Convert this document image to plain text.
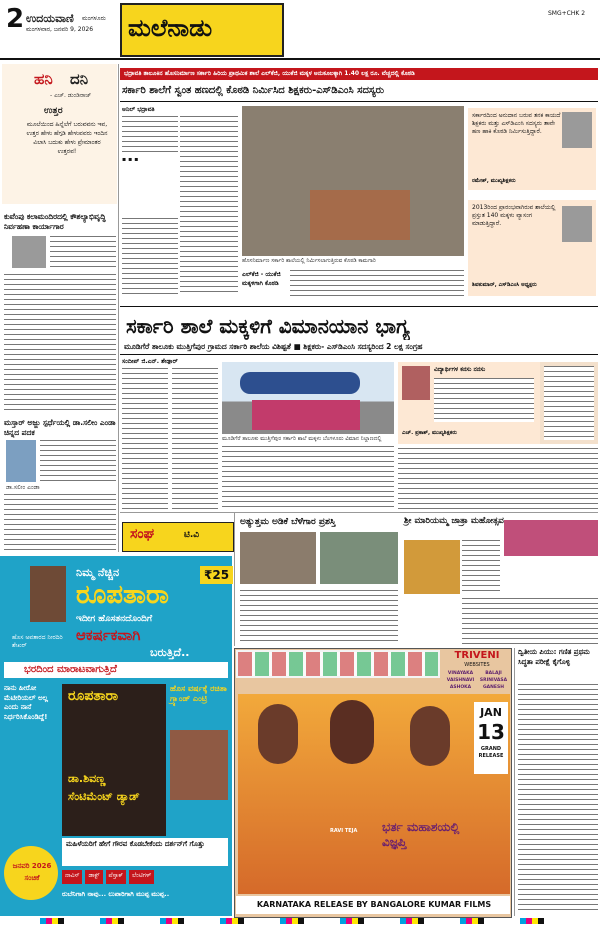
2 ಉದಯವಾಣಿ ಮಂಗಳೂರು
ಮಂಗಳವಾರ, ಜನವರಿ 9, 2026 ಮಲೆನಾಡು
SMG+CHK 2
ಹನಿ ದನಿ
- ಎಚ್. ಡುಂಡಿರಾಜ್
ಉತ್ತರ
ಮೂಲೆಯಿಂದ ಹಿನ್ನೆಲೆಗೆ ಬರುವವನು ಇವ, ಉತ್ತರ ಹೇಳು ಹೆಗ್ಗಡಿ ಹೇಳುವವರು ಇಂದಿನ ವಿಲಾಸಿ ಬದುಕು ಹೇಳು ಪ್ರೇಮಾಂತರ ಉತ್ತರವ!
ಕುವೆಂಪು ಕಲಾಮಂದಿರದಲ್ಲಿ ಕೌಶಲ್ಯಾಭಿವೃದ್ಧಿ ನಿರ್ವಹಣಾ ಕಾರ್ಯಾಗಾರ
ಮಸ್ತಾರ್ ಅಜ್ಜು ಸ್ಪರ್ಧೆಯಲ್ಲಿ ಡಾ.ಸಲೀಂ ಎಂಡಾ ಚಿನ್ನದ ಪದಕ
ಡಾ.ಸಲೀಂ ಎಂಡಾ
ಸಂಘ	ಟಿ.ವಿ
ಭದ್ರಾವತಿ ತಾಲೂಕಿನ ಹೊಸನಿರ್ಮಾಣ ಸರ್ಕಾರಿ ಹಿರಿಯ ಪ್ರಾಥಮಿಕ ಶಾಲೆ ಎಲ್‌ಕೆಜಿ, ಯುಕೆಜಿ ಮಕ್ಕಳ ಅನುಕೂಲಕ್ಕಾಗಿ 1.40 ಲಕ್ಷ ರೂ. ವೆಚ್ಚದಲ್ಲಿ ಕೊಠಡಿ
ಸರ್ಕಾರಿ ಶಾಲೆಗೆ ಸ್ವಂತ ಹಣದಲ್ಲಿ ಕೊಠಡಿ ನಿರ್ಮಿಸಿದ ಶಿಕ್ಷಕರು-ಎಸ್‌ಡಿಎಂಸಿ ಸದಸ್ಯರು
ಅನಿಲ್ ಭದ್ರಾವತಿ
▪ ▪ ▪
ಹೊಸನಿರ್ಮಾಣ ಸರ್ಕಾರಿ ಶಾಲೆಯಲ್ಲಿ ನಿರ್ಮಿಸಲಾಗುತ್ತಿರುವ ಕೊಠಡಿ ಕಾಮಗಾರಿ
ಎಲ್‌ಕೆಜಿ - ಯುಕೆಜಿ ಮಕ್ಕಳಿಗಾಗಿ ಕೊಠಡಿ
ಸರ್ಕಾರದಿಂದ ಅನುದಾನ ಬರುವ ತನಕ ಕಾಯದೆ ಶಿಕ್ಷಕರು ಮತ್ತು ಎಸ್‌ಡಿಎಂಸಿ ಸದಸ್ಯರು ತಾವೇ ಹಣ ಹಾಕಿ ಕೊಠಡಿ ನಿರ್ಮಿಸುತ್ತಿದ್ದಾರೆ.
ರಮೇಶ್, ಮುಖ್ಯಶಿಕ್ಷಕರು
2013ರಿಂದ ಪ್ರಾರಂಭವಾಗಿರುವ ಶಾಲೆಯಲ್ಲಿ ಪ್ರಸ್ತುತ 140 ಮಕ್ಕಳು ವ್ಯಾಸಂಗ ಮಾಡುತ್ತಿದ್ದಾರೆ.
ಶಿವಕುಮಾರ್, ಎಸ್‌ಡಿಎಂಸಿ ಅಧ್ಯಕ್ಷರು
ಸರ್ಕಾರಿ ಶಾಲೆ ಮಕ್ಕಳಿಗೆ ವಿಮಾನಯಾನ ಭಾಗ್ಯ
ಮೂಡಿಗೆರೆ ತಾಲೂಕು ಮುತ್ತಿಗೆಪುರ ಗ್ರಾಮದ ಸರ್ಕಾರಿ ಶಾಲೆಯ ವಿಶಿಷ್ಟತೆ ■ ಶಿಕ್ಷಕರು- ಎಸ್‌ಡಿಎಂಸಿ ಸದಸ್ಯರಿಂದ 2 ಲಕ್ಷ ಸಂಗ್ರಹ
ಸಂದೀಪ್ ಜಿ.ಎನ್. ಶೇಡ್ಗಾರ್
ಮೂಡಿಗೆರೆ ತಾಲೂಕು ಮುತ್ತಿಗೆಪುರ ಸರ್ಕಾರಿ ಶಾಲೆ ಮಕ್ಕಳು ಬೆಂಗಳೂರು ವಿಮಾನ ನಿಲ್ದಾಣದಲ್ಲಿ
ವಿದ್ಯಾರ್ಥಿಗಳ ಕನಸು ನನಸು
ಎಚ್. ಪ್ರಕಾಶ್, ಮುಖ್ಯಶಿಕ್ಷಕರು
ಅತ್ಯುತ್ತಮ ಅಡಿಕೆ ಬೆಳೆಗಾರ ಪ್ರಶಸ್ತಿ	ಶ್ರೀ ಮಾರಿಯಮ್ಮ ಜಾತ್ರಾ ಮಹೋತ್ಸವ
ನಿಮ್ಮ ನೆಚ್ಚಿನ
ರೂಪತಾರಾ
₹25
ಇದೀಗ ಹೊಸತನದೊಂದಿಗೆ
ಆಕರ್ಷಕವಾಗಿ
ಬರುತ್ತಿದೆ..
ಹೊಸ ಅವತಾರದ ನೀರದಿರಿ ಶೇಖರ್
ಭರದಿಂದ ಮಾರಾಟವಾಗುತ್ತಿದೆ
ನಾನು ಹೀರೋ ಮೆಟೀರಿಯಲ್ ಅಲ್ಲ ಎಂದು ನಾನೆ ನಿರ್ಧರಿಸಿಕೊಂಡಿದ್ದೆ!
ರೂಪತಾರಾ
ಡಾ.ಶಿವಣ್ಣ
ಸೆಂಟಿಮೆಂಟ್ ಡ್ಯಾಡ್
ಹೊಸ ವರ್ಷಕ್ಕೆ ರಚಿತಾ ಗ್ರ್ಯಾಂಡ್ ಎಂಟ್ರಿ
ಮಹಿಳೆಯರಿಗೆ ಹೇಗೆ ಗೌರವ ಕೊಡಬೇಕೆಂದು ದರ್ಶನ್‌ಗೆ ಗೊತ್ತು
ಜನವರಿ 2026
ಸಂಚಿಕೆ	ನಾವಿಸ್	ಡಾಕ್ಟ್	ಪೆಸ್ತಾಕ್	ಲೆಂಟಿಗಳ್
ರುಬೆನಿಗಾಗಿ ನಾವು... ಲುಪಾರಿಗಾಗಿ ಮುಪ್ಪ ಮುಪ್ಪ..
TRIVENI
WEBSITES
VINAYAKA	BALAJI
VAISHNAVI	SRINIVASA
ASHOKA	GANESH
RAVI TEJA ಭರ್ತ ಮಹಾಶಯಲ್ಲಿ ವಿಜ್ಞಪ್ತಿ
JAN
13
GRAND RELEASE
KARNATAKA RELEASE BY BANGALORE KUMAR FILMS
ದ್ವಿತೀಯ ಪಿಯು: ಗಣಿತ ಪ್ರಥಮ ಸಿದ್ಧತಾ ಪರೀಕ್ಷೆ ಕೈಗೊಳ್ಳಿ
